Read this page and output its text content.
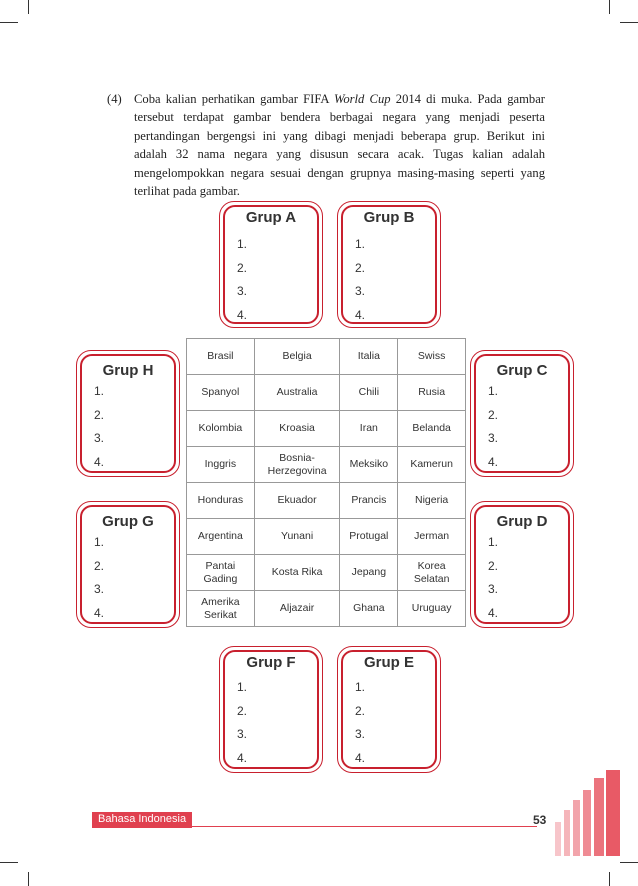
(4) Coba kalian perhatikan gambar FIFA World Cup 2014 di muka. Pada gambar tersebut terdapat gambar bendera berbagai negara yang menjadi peserta pertandingan bergengsi ini yang dibagi menjadi beberapa grup. Berikut ini adalah 32 nama negara yang disusun secara acak. Tugas kalian adalah mengelompokkan negara sesuai dengan grupnya masing-masing seperti yang terlihat pada gambar.
Grup A
1.
2.
3.
4.
Grup B
1.
2.
3.
4.
Grup H
1.
2.
3.
4.
Grup C
1.
2.
3.
4.
Grup G
1.
2.
3.
4.
Grup D
1.
2.
3.
4.
Grup F
1.
2.
3.
4.
Grup E
1.
2.
3.
4.
Brasil	Belgia	Italia	Swiss
Spanyol	Australia	Chili	Rusia
Kolombia	Kroasia	Iran	Belanda
Inggris	Bosnia-Herzegovina	Meksiko	Kamerun
Honduras	Ekuador	Prancis	Nigeria
Argentina	Yunani	Protugal	Jerman
Pantai Gading	Kosta Rika	Jepang	Korea Selatan
Amerika Serikat	Aljazair	Ghana	Uruguay
Bahasa Indonesia	53
